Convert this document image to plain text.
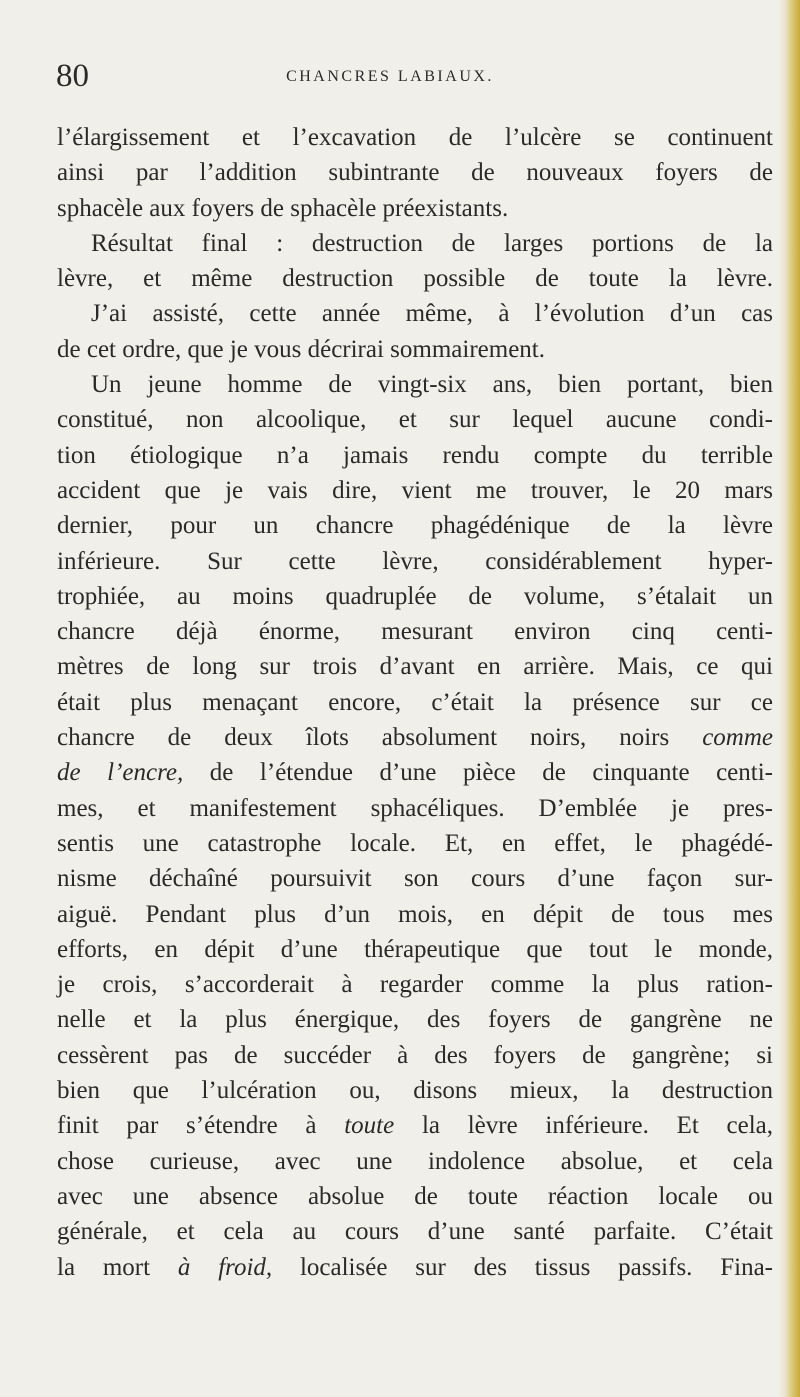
80	CHANCRES LABIAUX.
l’élargissement et l’excavation de l’ulcère se continuent
ainsi par l’addition subintrante de nouveaux foyers de
sphacèle aux foyers de sphacèle préexistants.
Résultat final : destruction de larges portions de la
lèvre, et même destruction possible de toute la lèvre.
J’ai assisté, cette année même, à l’évolution d’un cas
de cet ordre, que je vous décrirai sommairement.
Un jeune homme de vingt-six ans, bien portant, bien
constitué, non alcoolique, et sur lequel aucune condi-
tion étiologique n’a jamais rendu compte du terrible
accident que je vais dire, vient me trouver, le 20 mars
dernier, pour un chancre phagédénique de la lèvre
inférieure. Sur cette lèvre, considérablement hyper-
trophiée, au moins quadruplée de volume, s’étalait un
chancre déjà énorme, mesurant environ cinq centi-
mètres de long sur trois d’avant en arrière. Mais, ce qui
était plus menaçant encore, c’était la présence sur ce
chancre de deux îlots absolument noirs, noirs comme
de l’encre, de l’étendue d’une pièce de cinquante centi-
mes, et manifestement sphacéliques. D’emblée je pres-
sentis une catastrophe locale. Et, en effet, le phagédé-
nisme déchaîné poursuivit son cours d’une façon sur-
aiguë. Pendant plus d’un mois, en dépit de tous mes
efforts, en dépit d’une thérapeutique que tout le monde,
je crois, s’accorderait à regarder comme la plus ration-
nelle et la plus énergique, des foyers de gangrène ne
cessèrent pas de succéder à des foyers de gangrène; si
bien que l’ulcération ou, disons mieux, la destruction
finit par s’étendre à toute la lèvre inférieure. Et cela,
chose curieuse, avec une indolence absolue, et cela
avec une absence absolue de toute réaction locale ou
générale, et cela au cours d’une santé parfaite. C’était
la mort à froid, localisée sur des tissus passifs. Fina-
